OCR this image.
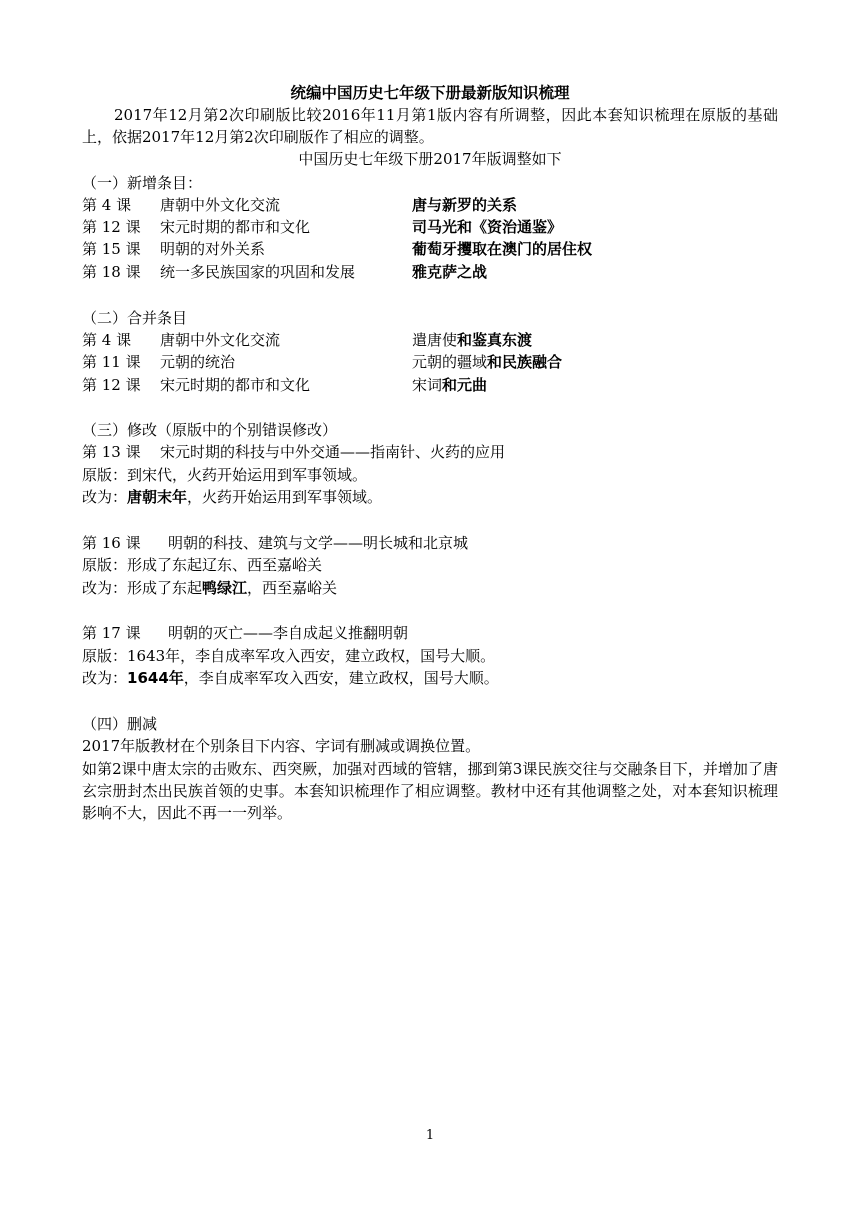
统编中国历史七年级下册最新版知识梳理
2017年12月第2次印刷版比较2016年11月第1版内容有所调整，因此本套知识梳理在原版的基础上，依据2017年12月第2次印刷版作了相应的调整。
中国历史七年级下册2017年版调整如下
（一）新增条目：
第 4 课 唐朝中外文化交流	唐与新罗的关系
第 12 课 宋元时期的都市和文化	司马光和《资治通鉴》
第 15 课 明朝的对外关系	葡萄牙攫取在澳门的居住权
第 18 课 统一多民族国家的巩固和发展	雅克萨之战
（二）合并条目
第 4 课 唐朝中外文化交流	遣唐使和鉴真东渡
第 11 课 元朝的统治	元朝的疆域和民族融合
第 12 课 宋元时期的都市和文化	宋词和元曲
（三）修改（原版中的个别错误修改）
第 13 课 宋元时期的科技与中外交通——指南针、火药的应用
原版：到宋代，火药开始运用到军事领域。
改为：唐朝末年，火药开始运用到军事领域。
第 16 课 明朝的科技、建筑与文学——明长城和北京城
原版：形成了东起辽东、西至嘉峪关
改为：形成了东起鸭绿江，西至嘉峪关
第 17 课 明朝的灭亡——李自成起义推翻明朝
原版：1643年，李自成率军攻入西安，建立政权，国号大顺。
改为：1644年，李自成率军攻入西安，建立政权，国号大顺。
（四）删减
2017年版教材在个别条目下内容、字词有删减或调换位置。
如第2课中唐太宗的击败东、西突厥，加强对西域的管辖，挪到第3课民族交往与交融条目下，并增加了唐玄宗册封杰出民族首领的史事。本套知识梳理作了相应调整。教材中还有其他调整之处，对本套知识梳理影响不大，因此不再一一列举。
1
